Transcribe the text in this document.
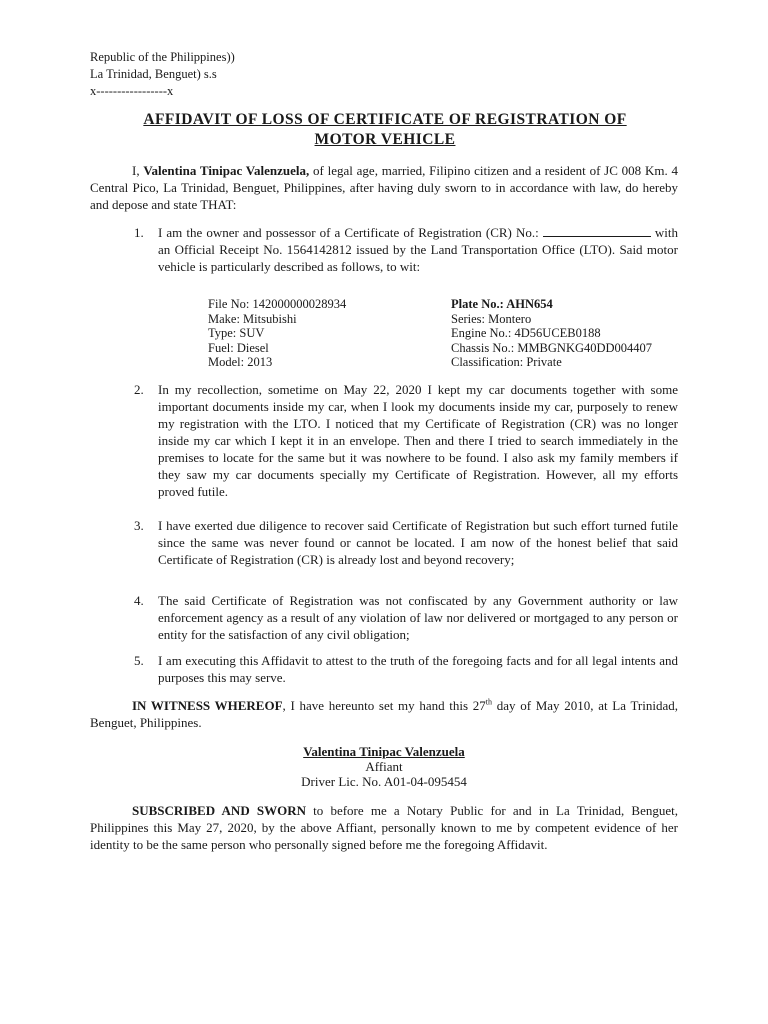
Republic of the Philippines))
La Trinidad, Benguet) s.s
x-----------------x
AFFIDAVIT OF LOSS OF CERTIFICATE OF REGISTRATION OF
MOTOR VEHICLE
I, Valentina Tinipac Valenzuela, of legal age, married, Filipino citizen and a resident of JC 008 Km. 4 Central Pico, La Trinidad, Benguet, Philippines, after having duly sworn to in accordance with law, do hereby and depose and state THAT:
1. I am the owner and possessor of a Certificate of Registration (CR) No.:	with an Official Receipt No. 1564142812 issued by the Land Transportation Office (LTO). Said motor vehicle is particularly described as follows, to wit:
File No: 142000000028934	Plate No.: AHN654
Make: Mitsubishi	Series: Montero
Type: SUV	Engine No.: 4D56UCEB0188
Fuel: Diesel	Chassis No.: MMBGNKG40DD004407
Model: 2013	Classification: Private
2. In my recollection, sometime on May 22, 2020 I kept my car documents together with some important documents inside my car, when I look my documents inside my car, purposely to renew my registration with the LTO. I noticed that my Certificate of Registration (CR) was no longer inside my car which I kept it in an envelope. Then and there I tried to search immediately in the premises to locate for the same but it was nowhere to be found. I also ask my family members if they saw my car documents specially my Certificate of Registration. However, all my efforts proved futile.
3. I have exerted due diligence to recover said Certificate of Registration but such effort turned futile since the same was never found or cannot be located. I am now of the honest belief that said Certificate of Registration (CR) is already lost and beyond recovery;
4. The said Certificate of Registration was not confiscated by any Government authority or law enforcement agency as a result of any violation of law nor delivered or mortgaged to any person or entity for the satisfaction of any civil obligation;
5. I am executing this Affidavit to attest to the truth of the foregoing facts and for all legal intents and purposes this may serve.
IN WITNESS WHEREOF, I have hereunto set my hand this 27th day of May 2010, at La Trinidad, Benguet, Philippines.
Valentina Tinipac Valenzuela
Affiant
Driver Lic. No. A01-04-095454
SUBSCRIBED AND SWORN to before me a Notary Public for and in La Trinidad, Benguet, Philippines this May 27, 2020, by the above Affiant, personally known to me by competent evidence of her identity to be the same person who personally signed before me the foregoing Affidavit.
